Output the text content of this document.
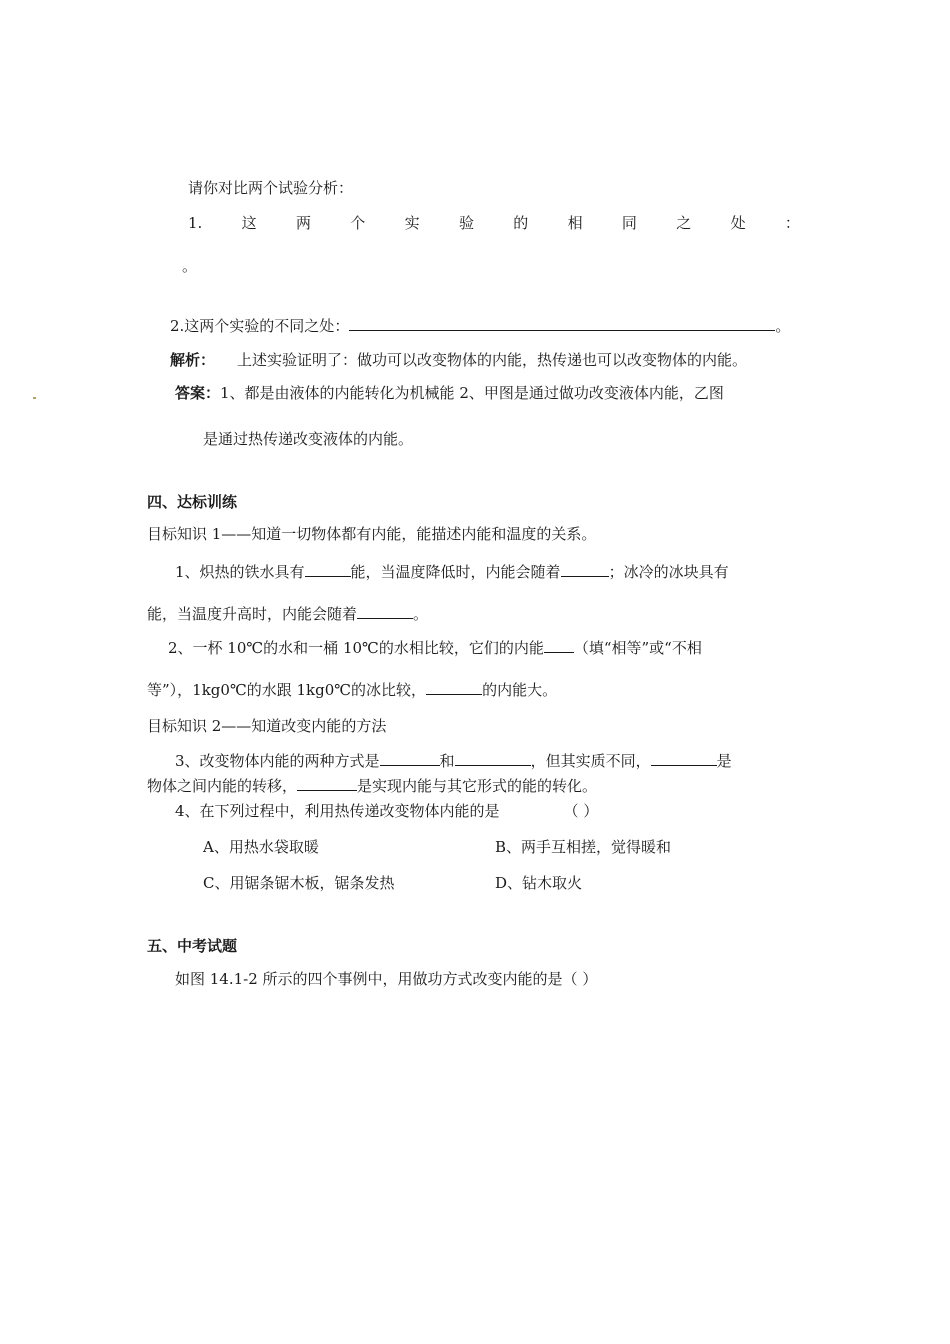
请你对比两个试验分析：
1.	这	两	个	实	验	的	相	同	之	处	：
。
2.这两个实验的不同之处：	。
解析： 上述实验证明了：做功可以改变物体的内能，热传递也可以改变物体的内能。
答案：1、都是由液体的内能转化为机械能 2、甲图是通过做功改变液体内能，乙图
是通过热传递改变液体的内能。
四、达标训练
目标知识 1——知道一切物体都有内能，能描述内能和温度的关系。
1、炽热的铁水具有	能，当温度降低时，内能会随着	；冰冷的冰块具有
能，当温度升高时，内能会随着	。
2、一杯 10℃的水和一桶 10℃的水相比较，它们的内能 （填“相等”或“不相
等”），1kg0℃的水跟 1kg0℃的冰比较，	的内能大。
目标知识 2——知道改变内能的方法
3、改变物体内能的两种方式是	和	，但其实质不同，	是
物体之间内能的转移，	是实现内能与其它形式的能的转化。
4、在下列过程中，利用热传递改变物体内能的是	（ ）
A、用热水袋取暖	B、两手互相搓，觉得暖和
C、用锯条锯木板，锯条发热	D、钻木取火
五、中考试题
如图 14.1-2 所示的四个事例中，用做功方式改变内能的是（ ）
